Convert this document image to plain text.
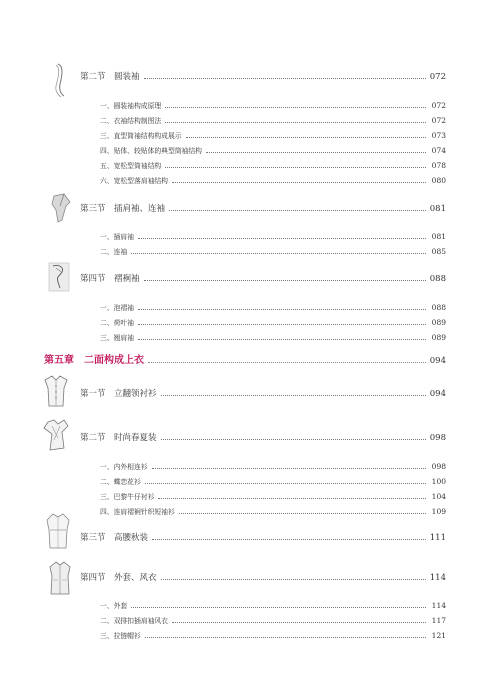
第二节　圆装袖	072
一、圆装袖构成原理	072
二、衣袖结构制图法	072
三、直型筒袖结构构成展示	073
四、贴体、较贴体的典型筒袖结构	074
五、宽松型筒袖结构	078
六、宽松型落肩袖结构	080
第三节　插肩袖、连袖	081
一、插肩袖	081
二、连袖	085
第四节　褶裥袖	088
一、泡褶袖	088
二、荷叶袖	089
三、翘肩袖	089
第五章　二面构成上衣	094
第一节　立翻领衬衫	094
第二节　时尚春夏装	098
一、内外相连衫	098
二、蝶恋花衫	100
三、巴黎牛仔衬衫	104
四、连肩褶裥针织短袖衫	109
第三节　高腰秋装	111
第四节　外套、风衣	114
一、外套	114
二、双排扣插肩袖风衣	117
三、拉链帽衫	121
